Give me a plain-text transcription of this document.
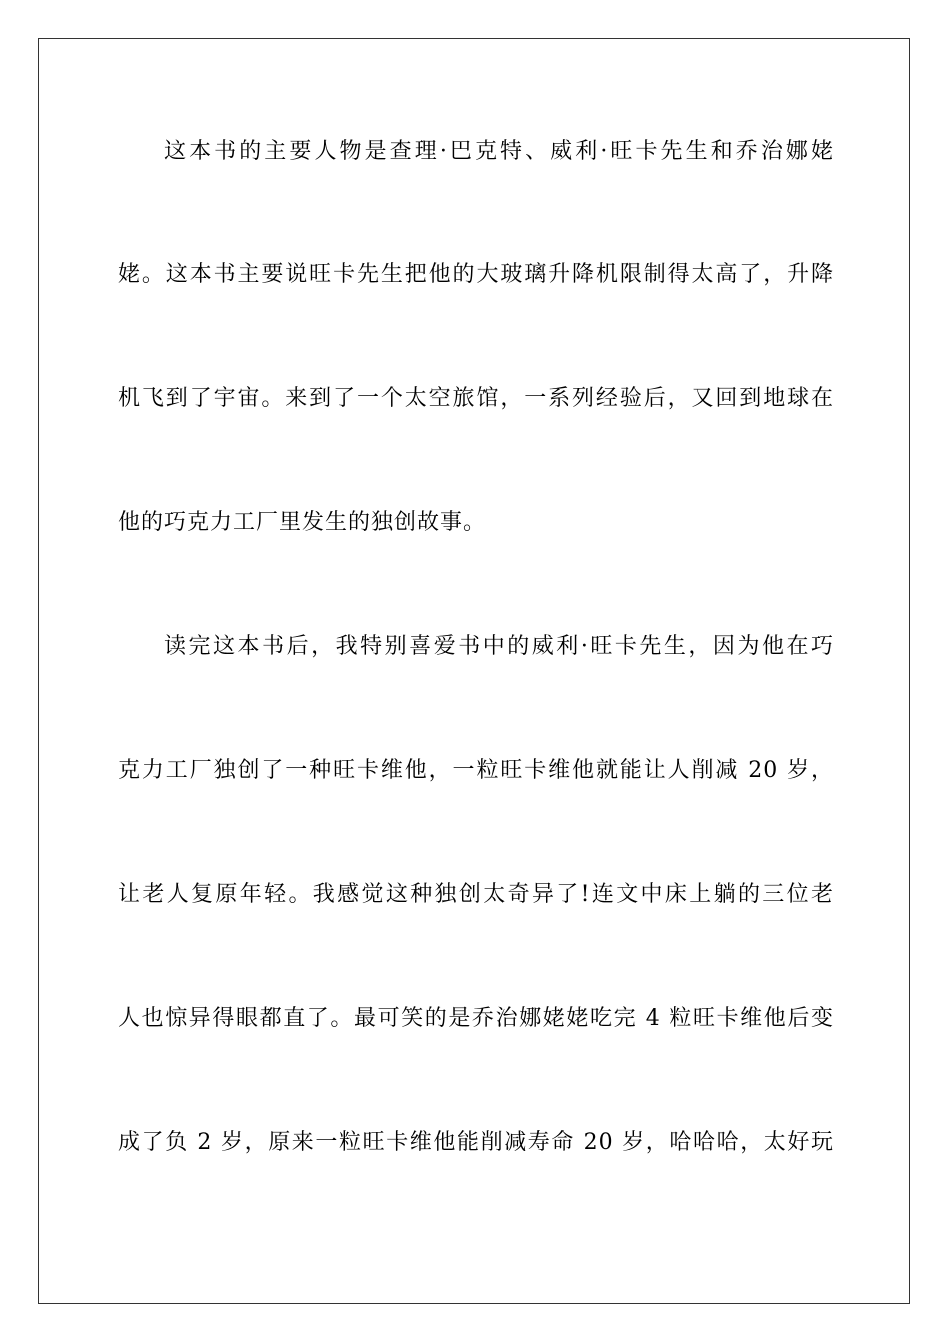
这本书的主要人物是查理·巴克特、威利·旺卡先生和乔治娜姥
姥。这本书主要说旺卡先生把他的大玻璃升降机限制得太高了，升降
机飞到了宇宙。来到了一个太空旅馆，一系列经验后，又回到地球在
他的巧克力工厂里发生的独创故事。
读完这本书后，我特别喜爱书中的威利·旺卡先生，因为他在巧
克力工厂独创了一种旺卡维他，一粒旺卡维他就能让人削减 20 岁，
让老人复原年轻。我感觉这种独创太奇异了!连文中床上躺的三位老
人也惊异得眼都直了。最可笑的是乔治娜姥姥吃完 4 粒旺卡维他后变
成了负 2 岁，原来一粒旺卡维他能削减寿命 20 岁，哈哈哈，太好玩
